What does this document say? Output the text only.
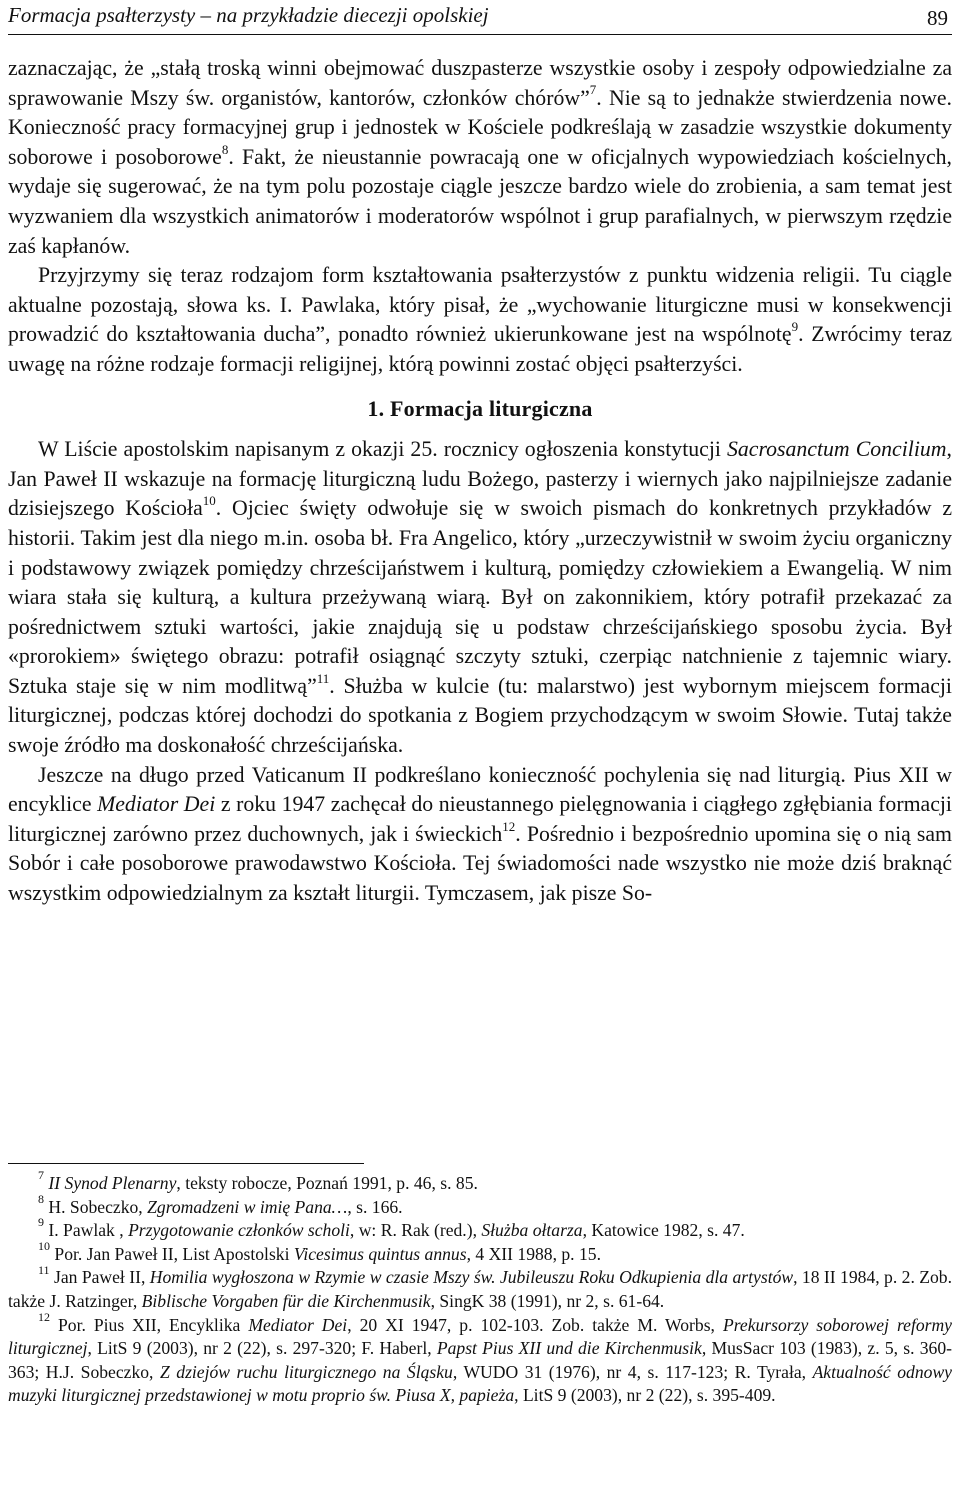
Formacja psałterzysty – na przykładzie diecezji opolskiej	89

zaznaczając, że „stałą troską winni obejmować duszpasterze wszystkie osoby i zespoły odpowiedzialne za sprawowanie Mszy św. organistów, kantorów, członków chórów”$^7$. Nie są to jednakże stwierdzenia nowe. Konieczność pracy formacyjnej grup i jednostek w Kościele podkreślają w zasadzie wszystkie dokumenty soborowe i posoborowe$^8$. Fakt, że nieustannie powracają one w oficjalnych wypowiedziach kościelnych, wydaje się sugerować, że na tym polu pozostaje ciągle jeszcze bardzo wiele do zrobienia, a sam temat jest wyzwaniem dla wszystkich animatorów i moderatorów wspólnot i grup parafialnych, w pierwszym rzędzie zaś kapłanów.

Przyjrzymy się teraz rodzajom form kształtowania psałterzystów z punktu widzenia religii. Tu ciągle aktualne pozostają, słowa ks. I. Pawlaka, który pisał, że „wychowanie liturgiczne musi w konsekwencji prowadzić do kształtowania ducha”, ponadto również ukierunkowane jest na wspólnotę$^9$. Zwrócimy teraz uwagę na różne rodzaje formacji religijnej, którą powinni zostać objęci psałterzyści.

1. Formacja liturgiczna

W Liście apostolskim napisanym z okazji 25. rocznicy ogłoszenia konstytucji Sacrosanctum Concilium, Jan Paweł II wskazuje na formację liturgiczną ludu Bożego, pasterzy i wiernych jako najpilniejsze zadanie dzisiejszego Kościoła$^{10}$. Ojciec święty odwołuje się w swoich pismach do konkretnych przykładów z historii. Takim jest dla niego m.in. osoba bł. Fra Angelico, który „urzeczywistnił w swoim życiu organiczny i podstawowy związek pomiędzy chrześcijaństwem i kulturą, pomiędzy człowiekiem a Ewangelią. W nim wiara stała się kulturą, a kultura przeżywaną wiarą. Był on zakonnikiem, który potrafił przekazać za pośrednictwem sztuki wartości, jakie znajdują się u podstaw chrześcijańskiego sposobu życia. Był «prorokiem» świętego obrazu: potrafił osiągnąć szczyty sztuki, czerpiąc natchnienie z tajemnic wiary. Sztuka staje się w nim modlitwą”$^{11}$. Służba w kulcie (tu: malarstwo) jest wybornym miejscem formacji liturgicznej, podczas której dochodzi do spotkania z Bogiem przychodzącym w swoim Słowie. Tutaj także swoje źródło ma doskonałość chrześcijańska.

Jeszcze na długo przed Vaticanum II podkreślano konieczność pochylenia się nad liturgią. Pius XII w encyklice Mediator Dei z roku 1947 zachęcał do nieustannego pielęgnowania i ciągłego zgłębiania formacji liturgicznej zarówno przez duchownych, jak i świeckich$^{12}$. Pośrednio i bezpośrednio upomina się o nią sam Sobór i całe posoborowe prawodawstwo Kościoła. Tej świadomości nade wszystko nie może dziś braknąć wszystkim odpowiedzialnym za kształt liturgii. Tymczasem, jak pisze So-

$^7$ II Synod Plenarny, teksty robocze, Poznań 1991, p. 46, s. 85.

$^8$ H. Sobeczko, Zgromadzeni w imię Pana…, s. 166.

$^9$ I. Pawlak , Przygotowanie członków scholi, w: R. Rak (red.), Służba ołtarza, Katowice 1982, s. 47.

$^{10}$ Por. Jan Paweł II, List Apostolski Vicesimus quintus annus, 4 XII 1988, p. 15.

$^{11}$ Jan Paweł II, Homilia wygłoszona w Rzymie w czasie Mszy św. Jubileuszu Roku Odkupienia dla artystów, 18 II 1984, p. 2. Zob. także J. Ratzinger, Biblische Vorgaben für die Kirchenmusik, SingK 38 (1991), nr 2, s. 61-64.

$^{12}$ Por. Pius XII, Encyklika Mediator Dei, 20 XI 1947, p. 102-103. Zob. także M. Worbs, Prekursorzy soborowej reformy liturgicznej, LitS 9 (2003), nr 2 (22), s. 297-320; F. Haberl, Papst Pius XII und die Kirchenmusik, MusSacr 103 (1983), z. 5, s. 360-363; H.J. Sobeczko, Z dziejów ruchu liturgicznego na Śląsku, WUDO 31 (1976), nr 4, s. 117-123; R. Tyrała, Aktualność odnowy muzyki liturgicznej przedstawionej w motu proprio św. Piusa X, papieża, LitS 9 (2003), nr 2 (22), s. 395-409.
